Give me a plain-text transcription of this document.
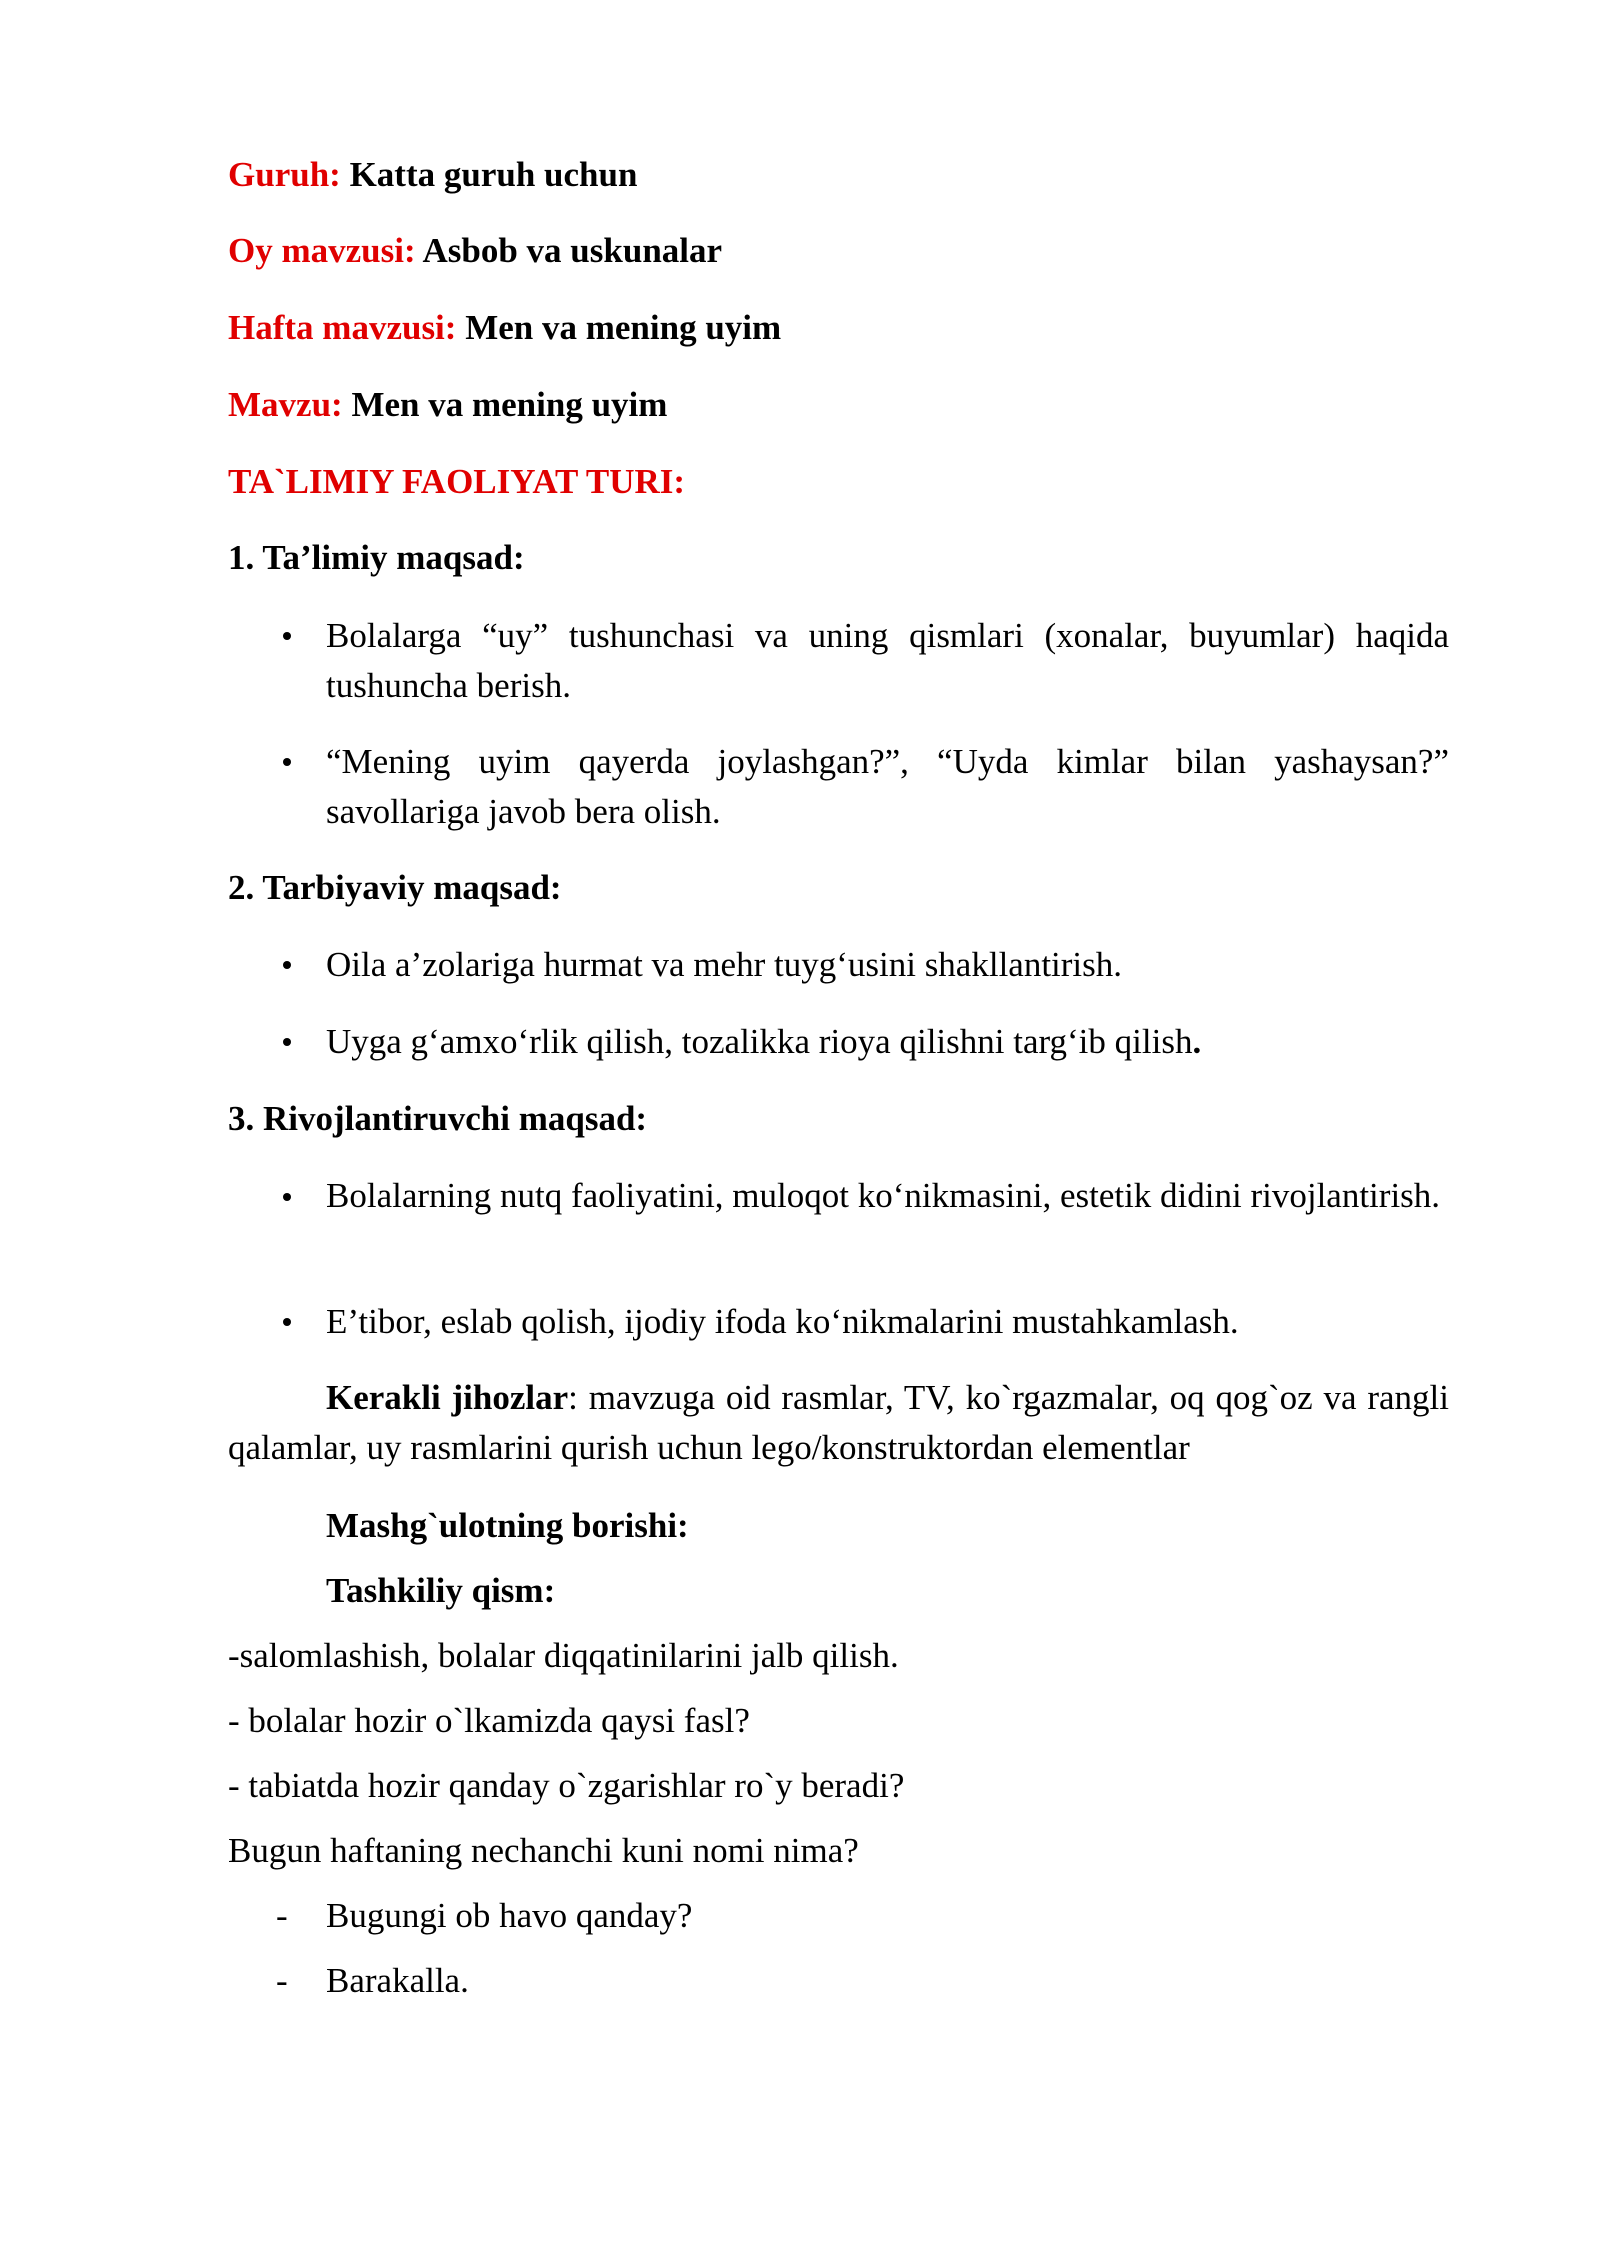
Guruh: Katta guruh uchun
Oy mavzusi: Asbob va uskunalar
Hafta mavzusi: Men va mening uyim
Mavzu: Men va mening uyim
TA`LIMIY FAOLIYAT TURI:
1. Ta’limiy maqsad:
Bolalarga “uy” tushunchasi va uning qismlari (xonalar, buyumlar) haqida tushuncha berish.
“Mening uyim qayerda joylashgan?”, “Uyda kimlar bilan yashaysan?” savollariga javob bera olish.
2. Tarbiyaviy maqsad:
Oila a’zolariga hurmat va mehr tuyg‘usini shakllantirish.
Uyga g‘amxo‘rlik qilish, tozalikka rioya qilishni targ‘ib qilish.
3. Rivojlantiruvchi maqsad:
Bolalarning nutq faoliyatini, muloqot ko‘nikmasini, estetik didini rivojlantirish.
E’tibor, eslab qolish, ijodiy ifoda ko‘nikmalarini mustahkamlash.
Kerakli jihozlar: mavzuga oid rasmlar, TV, ko`rgazmalar, oq qog`oz va rangli qalamlar, uy rasmlarini qurish uchun lego/konstruktordan elementlar
Mashg`ulotning borishi:
Tashkiliy qism:
-salomlashish, bolalar diqqatinilarini jalb qilish.
- bolalar hozir o`lkamizda qaysi fasl?
- tabiatda hozir qanday o`zgarishlar ro`y beradi?
Bugun haftaning nechanchi kuni nomi nima?
- Bugungi ob havo qanday?
- Barakalla.
